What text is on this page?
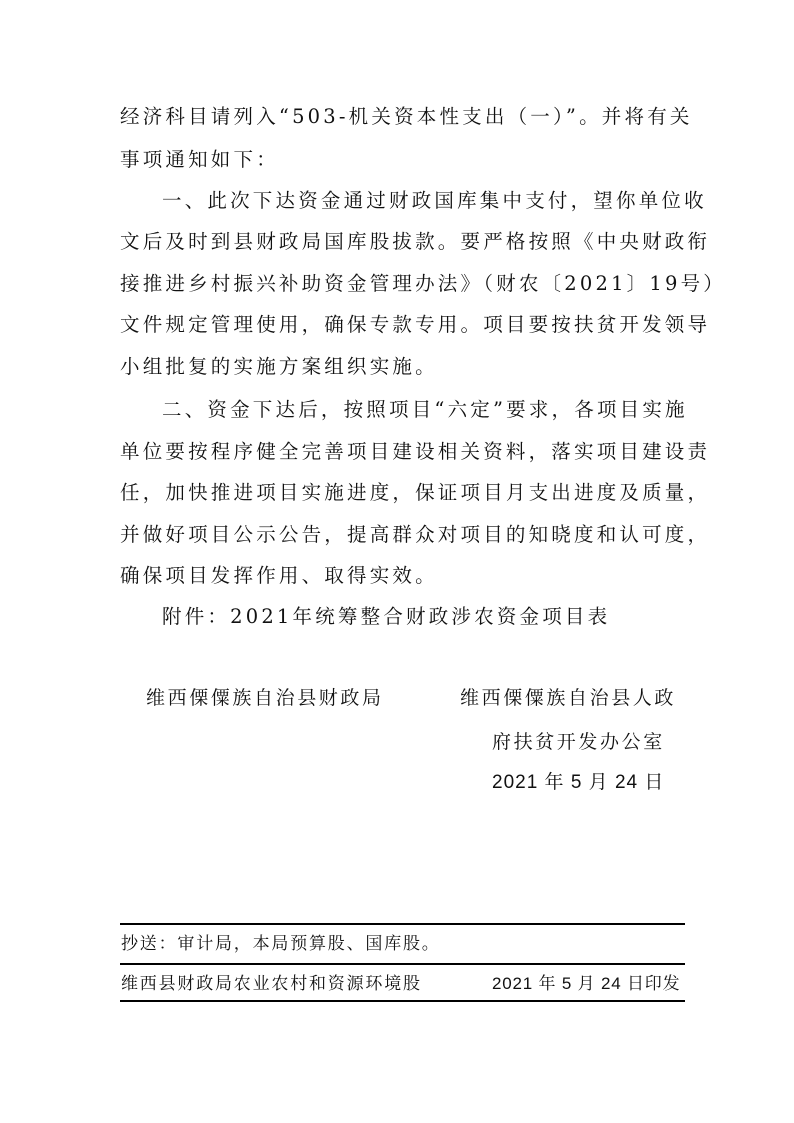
经济科目请列入“503-机关资本性支出（一）”。并将有关
事项通知如下：
一、此次下达资金通过财政国库集中支付，望你单位收
文后及时到县财政局国库股拔款。要严格按照《中央财政衔
接推进乡村振兴补助资金管理办法》（财农〔2021〕19号）
文件规定管理使用，确保专款专用。项目要按扶贫开发领导
小组批复的实施方案组织实施。
二、资金下达后，按照项目“六定”要求，各项目实施
单位要按程序健全完善项目建设相关资料，落实项目建设责
任，加快推进项目实施进度，保证项目月支出进度及质量，
并做好项目公示公告，提高群众对项目的知晓度和认可度，
确保项目发挥作用、取得实效。
附件：2021年统筹整合财政涉农资金项目表
维西傈僳族自治县财政局	维西傈僳族自治县人政
府扶贫开发办公室
2021 年 5 月 24 日
抄送：审计局，本局预算股、国库股。
维西县财政局农业农村和资源环境股	2021 年 5 月 24 日印发
